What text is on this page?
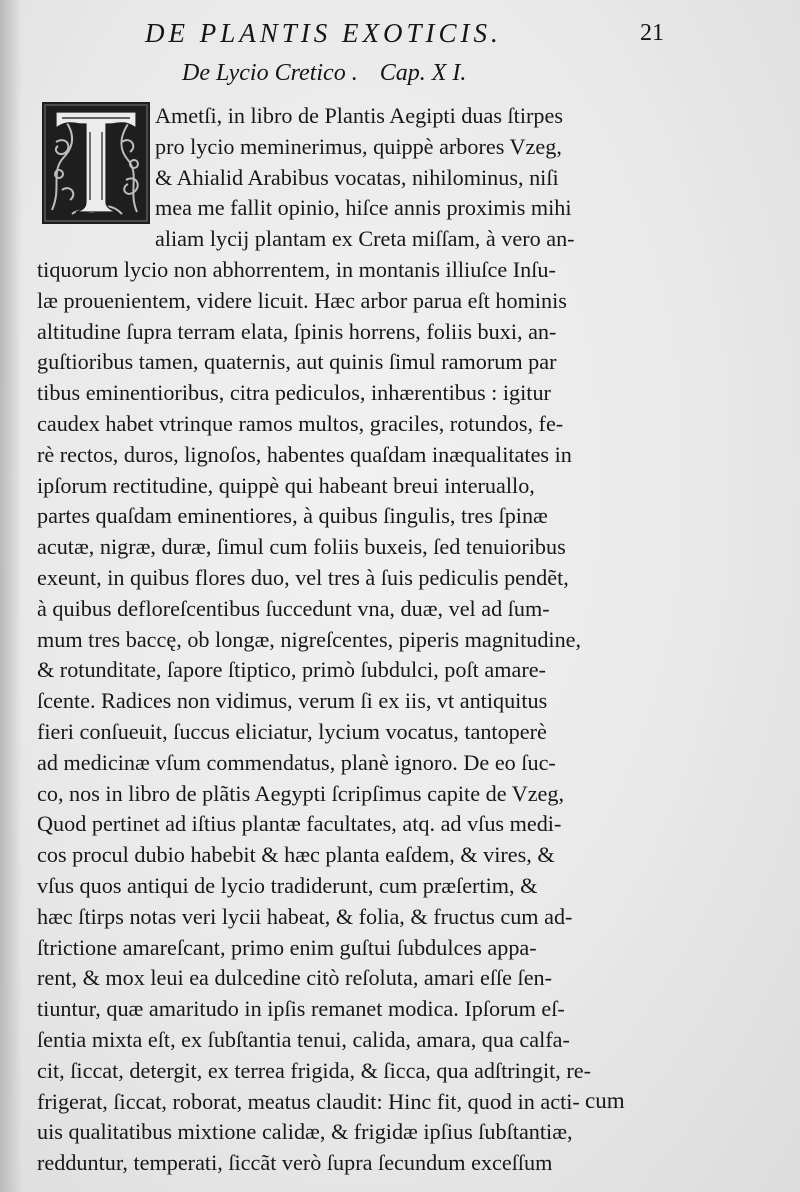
DE PLANTIS EXOTICIS.	21
De Lycio Cretico . Cap. X I.
Ametſi, in libro de Plantis Aegipti duas ſtirpes
pro lycio meminerimus, quippè arbores Vzeg,
& Ahialid Arabibus vocatas, nihilominus, niſi
mea me fallit opinio, hiſce annis proximis mihi
aliam lycij plantam ex Creta miſſam, à vero an-
tiquorum lycio non abhorrentem, in montanis illiuſce Inſu-
læ prouenientem, videre licuit. Hæc arbor parua eſt hominis
altitudine ſupra terram elata, ſpinis horrens, foliis buxi, an-
guſtioribus tamen, quaternis, aut quinis ſimul ramorum par
tibus eminentioribus, citra pediculos, inhærentibus : igitur
caudex habet vtrinque ramos multos, graciles, rotundos, fe-
rè rectos, duros, lignoſos, habentes quaſdam inæqualitates in
ipſorum rectitudine, quippè qui habeant breui interuallo,
partes quaſdam eminentiores, à quibus ſingulis, tres ſpinæ
acutæ, nigræ, duræ, ſimul cum foliis buxeis, ſed tenuioribus
exeunt, in quibus flores duo, vel tres à ſuis pediculis pendẽt,
à quibus defloreſcentibus ſuccedunt vna, duæ, vel ad ſum-
mum tres baccę, ob longæ, nigreſcentes, piperis magnitudine,
& rotunditate, ſapore ſtiptico, primò ſubdulci, poſt amare-
ſcente. Radices non vidimus, verum ſi ex iis, vt antiquitus
fieri conſueuit, ſuccus eliciatur, lycium vocatus, tantoperè
ad medicinæ vſum commendatus, planè ignoro. De eo ſuc-
co, nos in libro de plãtis Aegypti ſcripſimus capite de Vzeg,
Quod pertinet ad iſtius plantæ facultates, atq. ad vſus medi-
cos procul dubio habebit & hæc planta eaſdem, & vires, &
vſus quos antiqui de lycio tradiderunt, cum præſertim, &
hæc ſtirps notas veri lycii habeat, & folia, & fructus cum ad-
ſtrictione amareſcant, primo enim guſtui ſubdulces appa-
rent, & mox leui ea dulcedine citò reſoluta, amari eſſe ſen-
tiuntur, quæ amaritudo in ipſis remanet modica. Ipſorum eſ-
ſentia mixta eſt, ex ſubſtantia tenui, calida, amara, qua calfa-
cit, ſiccat, detergit, ex terrea frigida, & ſicca, qua adſtringit, re-
frigerat, ſiccat, roborat, meatus claudit: Hinc fit, quod in acti-
uis qualitatibus mixtione calidæ, & frigidæ ipſius ſubſtantiæ,
redduntur, temperati, ſiccãt verò ſupra ſecundum exceſſum
cum
